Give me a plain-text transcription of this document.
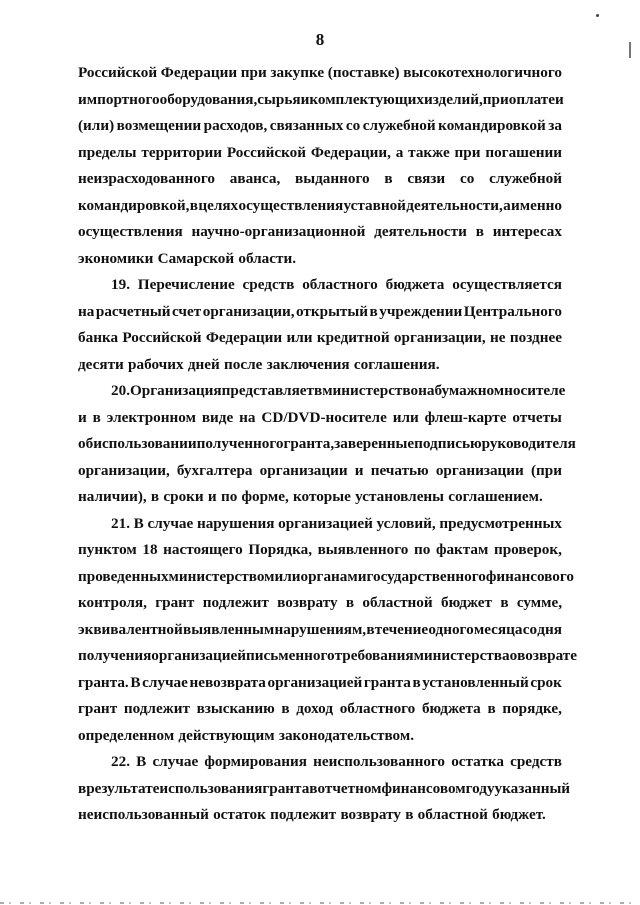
8
Российской Федерации при закупке (поставке) высокотехнологичного
импортного оборудования, сырья и комплектующих изделий, при оплате и
(или) возмещении расходов, связанных со служебной командировкой за
пределы территории Российской Федерации, а также при погашении
неизрасходованного аванса, выданного в связи со служебной
командировкой, в целях осуществления уставной деятельности, а именно
осуществления научно-организационной деятельности в интересах
экономики Самарской области.
19. Перечисление средств областного бюджета осуществляется
на расчетный счет организации, открытый в учреждении Центрального
банка Российской Федерации или кредитной организации, не позднее
десяти рабочих дней после заключения соглашения.
20. Организация представляет в министерство на бумажном носителе
и в электронном виде на CD/DVD-носителе или флеш-карте отчеты
об использовании полученного гранта, заверенные подписью руководителя
организации, бухгалтера организации и печатью организации (при
наличии), в сроки и по форме, которые установлены соглашением.
21. В случае нарушения организацией условий, предусмотренных
пунктом 18 настоящего Порядка, выявленного по фактам проверок,
проведенных министерством или органами государственного финансового
контроля, грант подлежит возврату в областной бюджет в сумме,
эквивалентной выявленным нарушениям, в течение одного месяца со дня
получения организацией письменного требования министерства о возврате
гранта. В случае невозврата организацией гранта в установленный срок
грант подлежит взысканию в доход областного бюджета в порядке,
определенном действующим законодательством.
22. В случае формирования неиспользованного остатка средств
в результате использования гранта в отчетном финансовом году указанный
неиспользованный остаток подлежит возврату в областной бюджет.
